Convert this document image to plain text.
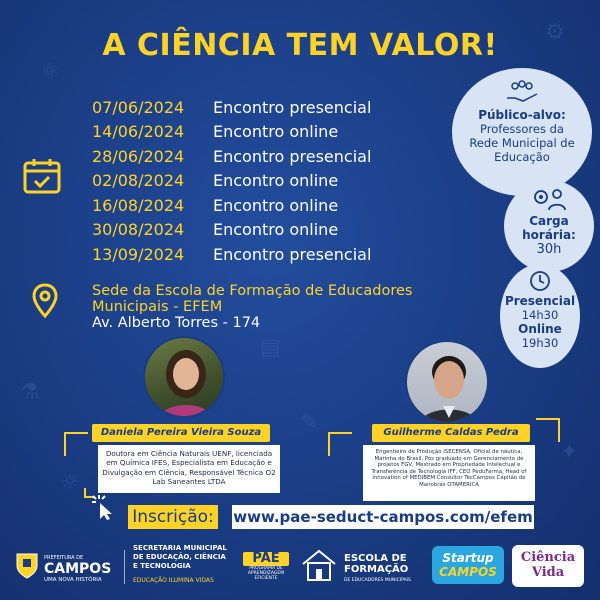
⚛
⚙
⚗
✎
▤
✦
☼
A CIÊNCIA TEM VALOR!
07/06/2024	Encontro presencial
14/06/2024	Encontro online
28/06/2024	Encontro presencial
02/08/2024	Encontro online
16/08/2024	Encontro online
30/08/2024	Encontro online
13/09/2024	Encontro presencial
Sede da Escola de Formação de Educadores
Municipais - EFEM
Av. Alberto Torres - 174
Público-alvo:
Professores da
Rede Municipal de
Educação
Carga horária:
30h
Presencial
14h30
Online
19h30
Daniela Pereira Vieira Souza
Doutora em Ciência Naturais UENF, licenciada em Química IFES, Especialista em Educação e Divulgação em Ciência, Responsável Técnica O2 Lab Saneantes LTDA
Guilherme Caldas Pedra
Engenheiro de Produção ISECENSA, Oficial de náutica, Marinha do Brasil, Pós graduado em Gerenciamento de projetos FGV, Mestrado em Propriedade Intelectual e Transferência de Tecnologia IFF, CEO PeduFarma, Head of innovation of MEDIBEM Consultor TecCampos Capitão de Manobras OTAMERICA
Inscrição: www.pae-seduct-campos.com/efem
PREFEITURA DE
CAMPOS
UMA NOVA HISTÓRIA
SECRETARIA MUNICIPAL
DE EDUCAÇÃO, CIÊNCIA
E TECNOLOGIA
EDUCAÇÃO ILUMINA VIDAS
PAE
PROGRAMA DE APRENDIZAGEM EFICIENTE
ESCOLA DE
FORMAÇÃO
DE EDUCADORES MUNICIPAIS
Startup
CAMPOS
Ciência
Vida
